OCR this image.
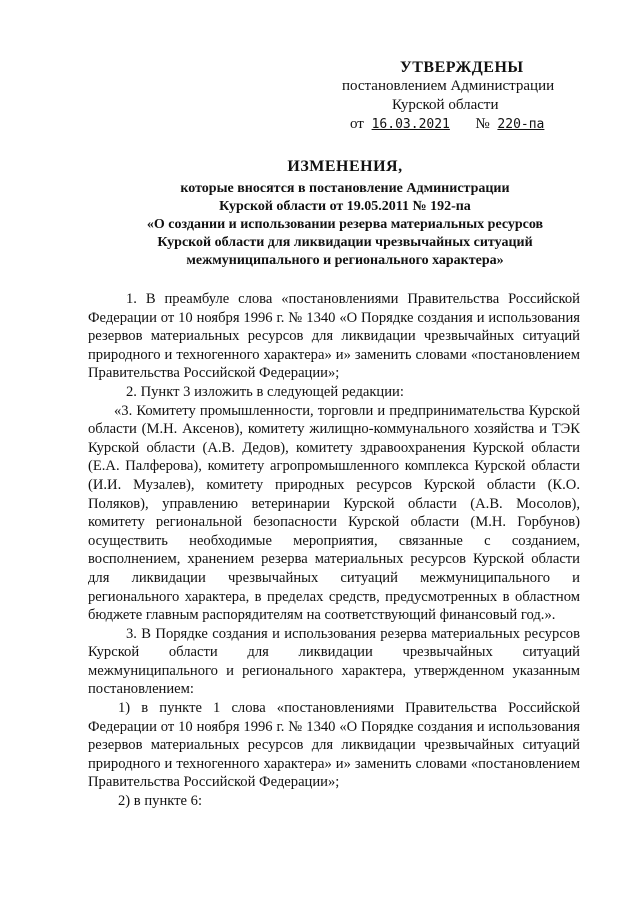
УТВЕРЖДЕНЫ
постановлением Администрации
Курской области
от 16.03.2021 № 220-па
ИЗМЕНЕНИЯ,
которые вносятся в постановление Администрации
Курской области от 19.05.2011 № 192-па
«О создании и использовании резерва материальных ресурсов
Курской области для ликвидации чрезвычайных ситуаций
межмуниципального и регионального характера»

1. В преамбуле слова «постановлениями Правительства Российской Федерации от 10 ноября 1996 г. № 1340 «О Порядке создания и использования резервов материальных ресурсов для ликвидации чрезвычайных ситуаций природного и техногенного характера» и» заменить словами «постановлением Правительства Российской Федерации»;

2. Пункт 3 изложить в следующей редакции:

«3. Комитету промышленности, торговли и предпринимательства Курской области (М.Н. Аксенов), комитету жилищно-коммунального хозяйства и ТЭК Курской области (А.В. Дедов), комитету здравоохранения Курской области (Е.А. Палферова), комитету агропромышленного комплекса Курской области (И.И. Музалев), комитету природных ресурсов Курской области (К.О. Поляков), управлению ветеринарии Курской области (А.В. Мосолов), комитету региональной безопасности Курской области (М.Н. Горбунов) осуществить необходимые мероприятия, связанные с созданием, восполнением, хранением резерва материальных ресурсов Курской области для ликвидации чрезвычайных ситуаций межмуниципального и регионального характера, в пределах средств, предусмотренных в областном бюджете главным распорядителям на соответствующий финансовый год.».

3. В Порядке создания и использования резерва материальных ресурсов Курской области для ликвидации чрезвычайных ситуаций межмуниципального и регионального характера, утвержденном указанным постановлением:

1) в пункте 1 слова «постановлениями Правительства Российской Федерации от 10 ноября 1996 г. № 1340 «О Порядке создания и использования резервов материальных ресурсов для ликвидации чрезвычайных ситуаций природного и техногенного характера» и» заменить словами «постановлением Правительства Российской Федерации»;

2) в пункте 6:
